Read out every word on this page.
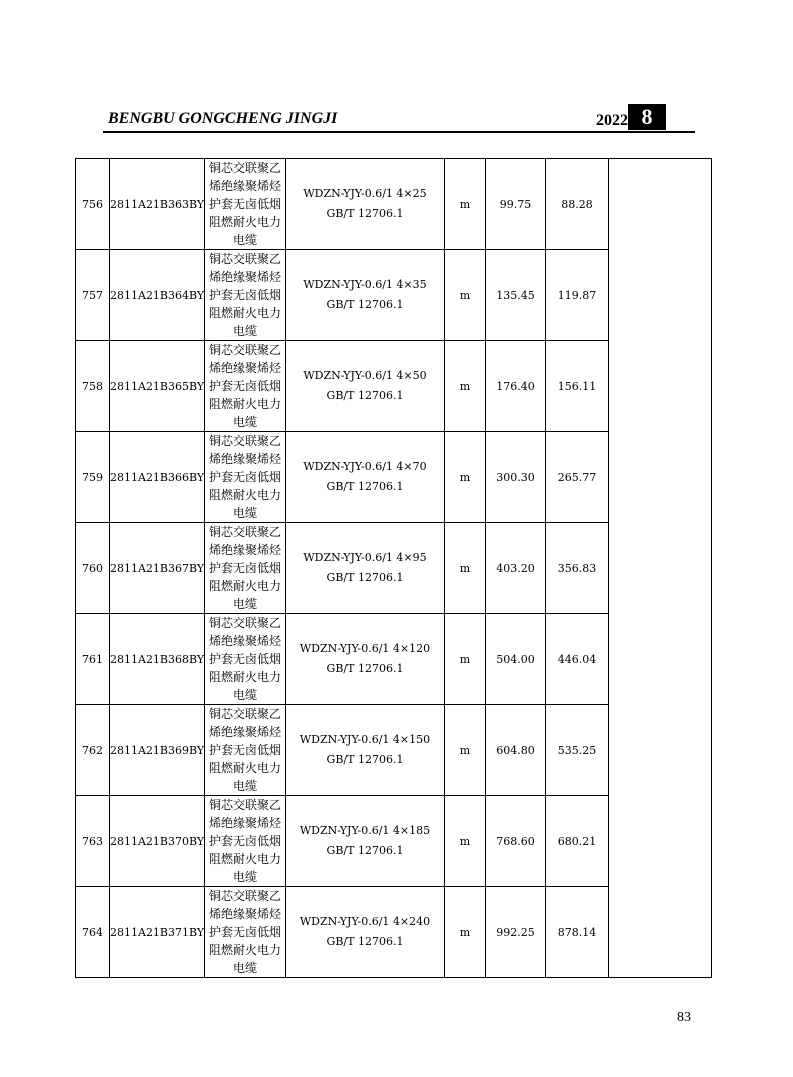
BENGBU GONGCHENG JINGJI	2022 8
756	2811A21B363BY	铜芯交联聚乙烯绝缘聚烯烃护套无卤低烟阻燃耐火电力电缆	WDZN-YJY-0.6/1 4×25 GB/T 12706.1	m	99.75	88.28	
757	2811A21B364BY	铜芯交联聚乙烯绝缘聚烯烃护套无卤低烟阻燃耐火电力电缆	WDZN-YJY-0.6/1 4×35 GB/T 12706.1	m	135.45	119.87	
758	2811A21B365BY	铜芯交联聚乙烯绝缘聚烯烃护套无卤低烟阻燃耐火电力电缆	WDZN-YJY-0.6/1 4×50 GB/T 12706.1	m	176.40	156.11	
759	2811A21B366BY	铜芯交联聚乙烯绝缘聚烯烃护套无卤低烟阻燃耐火电力电缆	WDZN-YJY-0.6/1 4×70 GB/T 12706.1	m	300.30	265.77	
760	2811A21B367BY	铜芯交联聚乙烯绝缘聚烯烃护套无卤低烟阻燃耐火电力电缆	WDZN-YJY-0.6/1 4×95 GB/T 12706.1	m	403.20	356.83	
761	2811A21B368BY	铜芯交联聚乙烯绝缘聚烯烃护套无卤低烟阻燃耐火电力电缆	WDZN-YJY-0.6/1 4×120 GB/T 12706.1	m	504.00	446.04	
762	2811A21B369BY	铜芯交联聚乙烯绝缘聚烯烃护套无卤低烟阻燃耐火电力电缆	WDZN-YJY-0.6/1 4×150 GB/T 12706.1	m	604.80	535.25	
763	2811A21B370BY	铜芯交联聚乙烯绝缘聚烯烃护套无卤低烟阻燃耐火电力电缆	WDZN-YJY-0.6/1 4×185 GB/T 12706.1	m	768.60	680.21	
764	2811A21B371BY	铜芯交联聚乙烯绝缘聚烯烃护套无卤低烟阻燃耐火电力电缆	WDZN-YJY-0.6/1 4×240 GB/T 12706.1	m	992.25	878.14	
83
